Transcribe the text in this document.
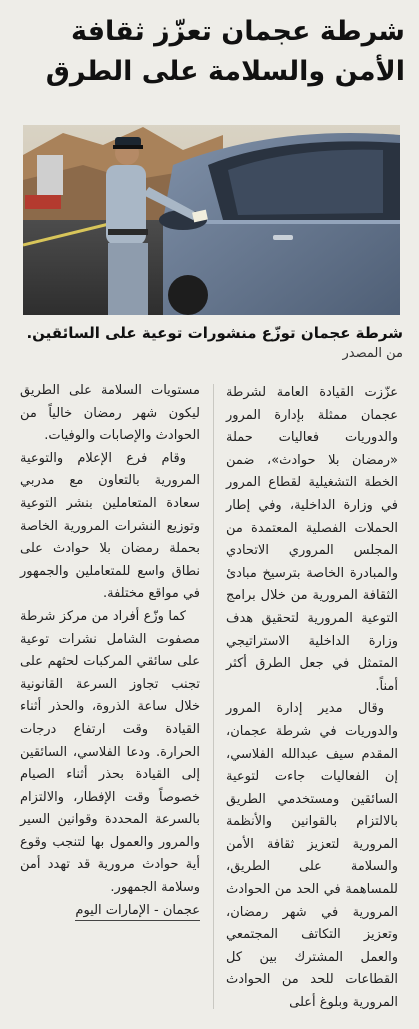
شرطة عجمان تعزّز ثقافة الأمن والسلامة على الطرق
شرطة عجمان توزّع منشورات توعية على السائقين.
من المصدر

عزّزت القيادة العامة لشرطة عجمان ممثلة بإدارة المرور والدوريات فعاليات حملة «رمضان بلا حوادث»، ضمن الخطة التشغيلية لقطاع المرور في وزارة الداخلية، وفي إطار الحملات الفصلية المعتمدة من المجلس المروري الاتحادي والمبادرة الخاصة بترسيخ مبادئ الثقافة المرورية من خلال برامج التوعية المرورية لتحقيق هدف وزارة الداخلية الاستراتيجي المتمثل في جعل الطرق أكثر أمناً.

وقال مدير إدارة المرور والدوريات في شرطة عجمان، المقدم سيف عبدالله الفلاسي، إن الفعاليات جاءت لتوعية السائقين ومستخدمي الطريق بالالتزام بالقوانين والأنظمة المرورية لتعزيز ثقافة الأمن والسلامة على الطريق، للمساهمة في الحد من الحوادث المرورية في شهر رمضان، وتعزيز التكاتف المجتمعي والعمل المشترك بين كل القطاعات للحد من الحوادث المرورية وبلوغ أعلى

مستويات السلامة على الطريق ليكون شهر رمضان خالياً من الحوادث والإصابات والوفيات.

وقام فرع الإعلام والتوعية المرورية بالتعاون مع مدربي سعادة المتعاملين بنشر التوعية وتوزيع النشرات المرورية الخاصة بحملة رمضان بلا حوادث على نطاق واسع للمتعاملين والجمهور في مواقع مختلفة.

كما وزّع أفراد من مركز شرطة مصفوت الشامل نشرات توعية على سائقي المركبات لحثهم على تجنب تجاوز السرعة القانونية خلال ساعة الذروة، والحذر أثناء القيادة وقت ارتفاع درجات الحرارة. ودعا الفلاسي، السائقين إلى القيادة بحذر أثناء الصيام خصوصاً وقت الإفطار، والالتزام بالسرعة المحددة وقوانين السير والمرور والعمول بها لتنجب وقوع أية حوادث مرورية قد تهدد أمن وسلامة الجمهور.

عجمان - الإمارات اليوم
